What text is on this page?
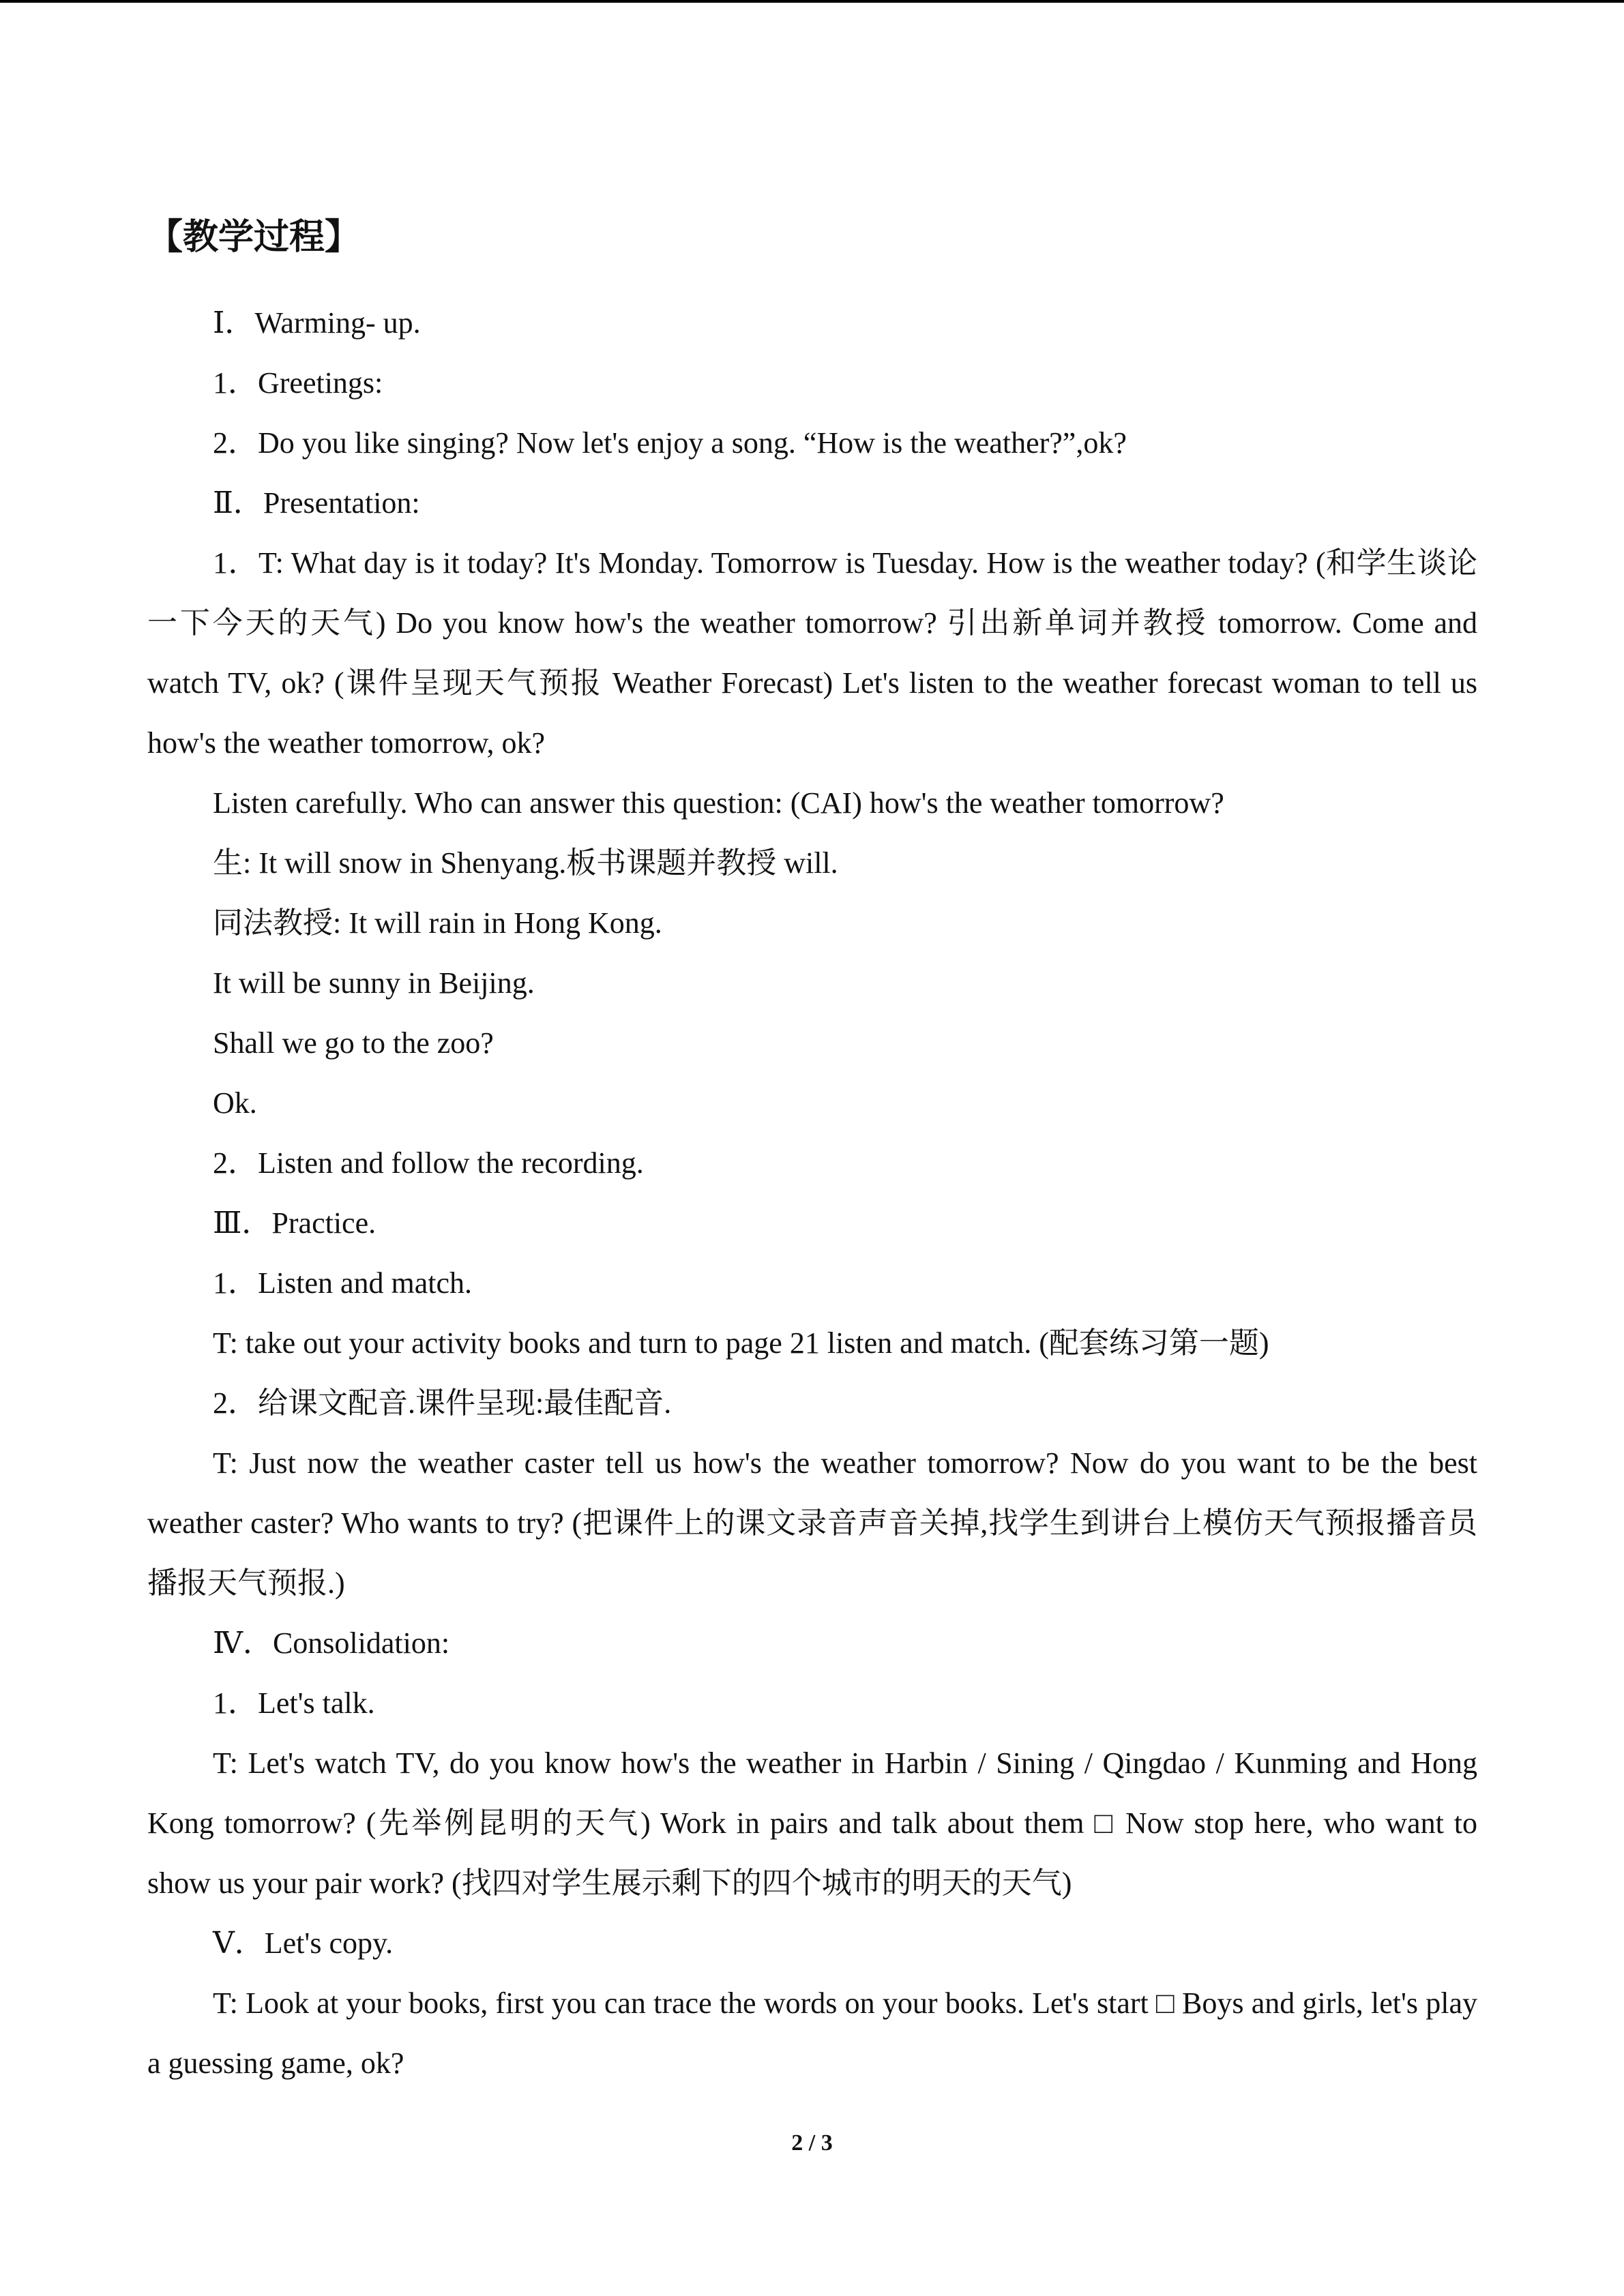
【教学过程】

Ⅰ．Warming- up.

1．Greetings:

2．Do you like singing? Now let's enjoy a song. “How is the weather?”,ok?

Ⅱ．Presentation:

1．T: What day is it today? It's Monday. Tomorrow is Tuesday. How is the weather today? (和学生谈论一下今天的天气) Do you know how's the weather tomorrow? 引出新单词并教授 tomorrow. Come and watch TV, ok? (课件呈现天气预报 Weather Forecast) Let's listen to the weather forecast woman to tell us how's the weather tomorrow, ok?

Listen carefully. Who can answer this question: (CAI) how's the weather tomorrow?

生: It will snow in Shenyang.板书课题并教授 will.

同法教授: It will rain in Hong Kong.

It will be sunny in Beijing.

Shall we go to the zoo?

Ok.

2．Listen and follow the recording.

Ⅲ．Practice.

1．Listen and match.

T: take out your activity books and turn to page 21 listen and match. (配套练习第一题)

2．给课文配音.课件呈现:最佳配音.

T: Just now the weather caster tell us how's the weather tomorrow? Now do you want to be the best weather caster? Who wants to try? (把课件上的课文录音声音关掉,找学生到讲台上模仿天气预报播音员播报天气预报.)

Ⅳ．Consolidation:

1．Let's talk.

T: Let's watch TV, do you know how's the weather in Harbin / Sining / Qingdao / Kunming and Hong Kong tomorrow? (先举例昆明的天气) Work in pairs and talk about them □ Now stop here, who want to show us your pair work? (找四对学生展示剩下的四个城市的明天的天气)

Ⅴ．Let's copy.

T: Look at your books, first you can trace the words on your books. Let's start □ Boys and girls, let's play a guessing game, ok?

2 / 3
